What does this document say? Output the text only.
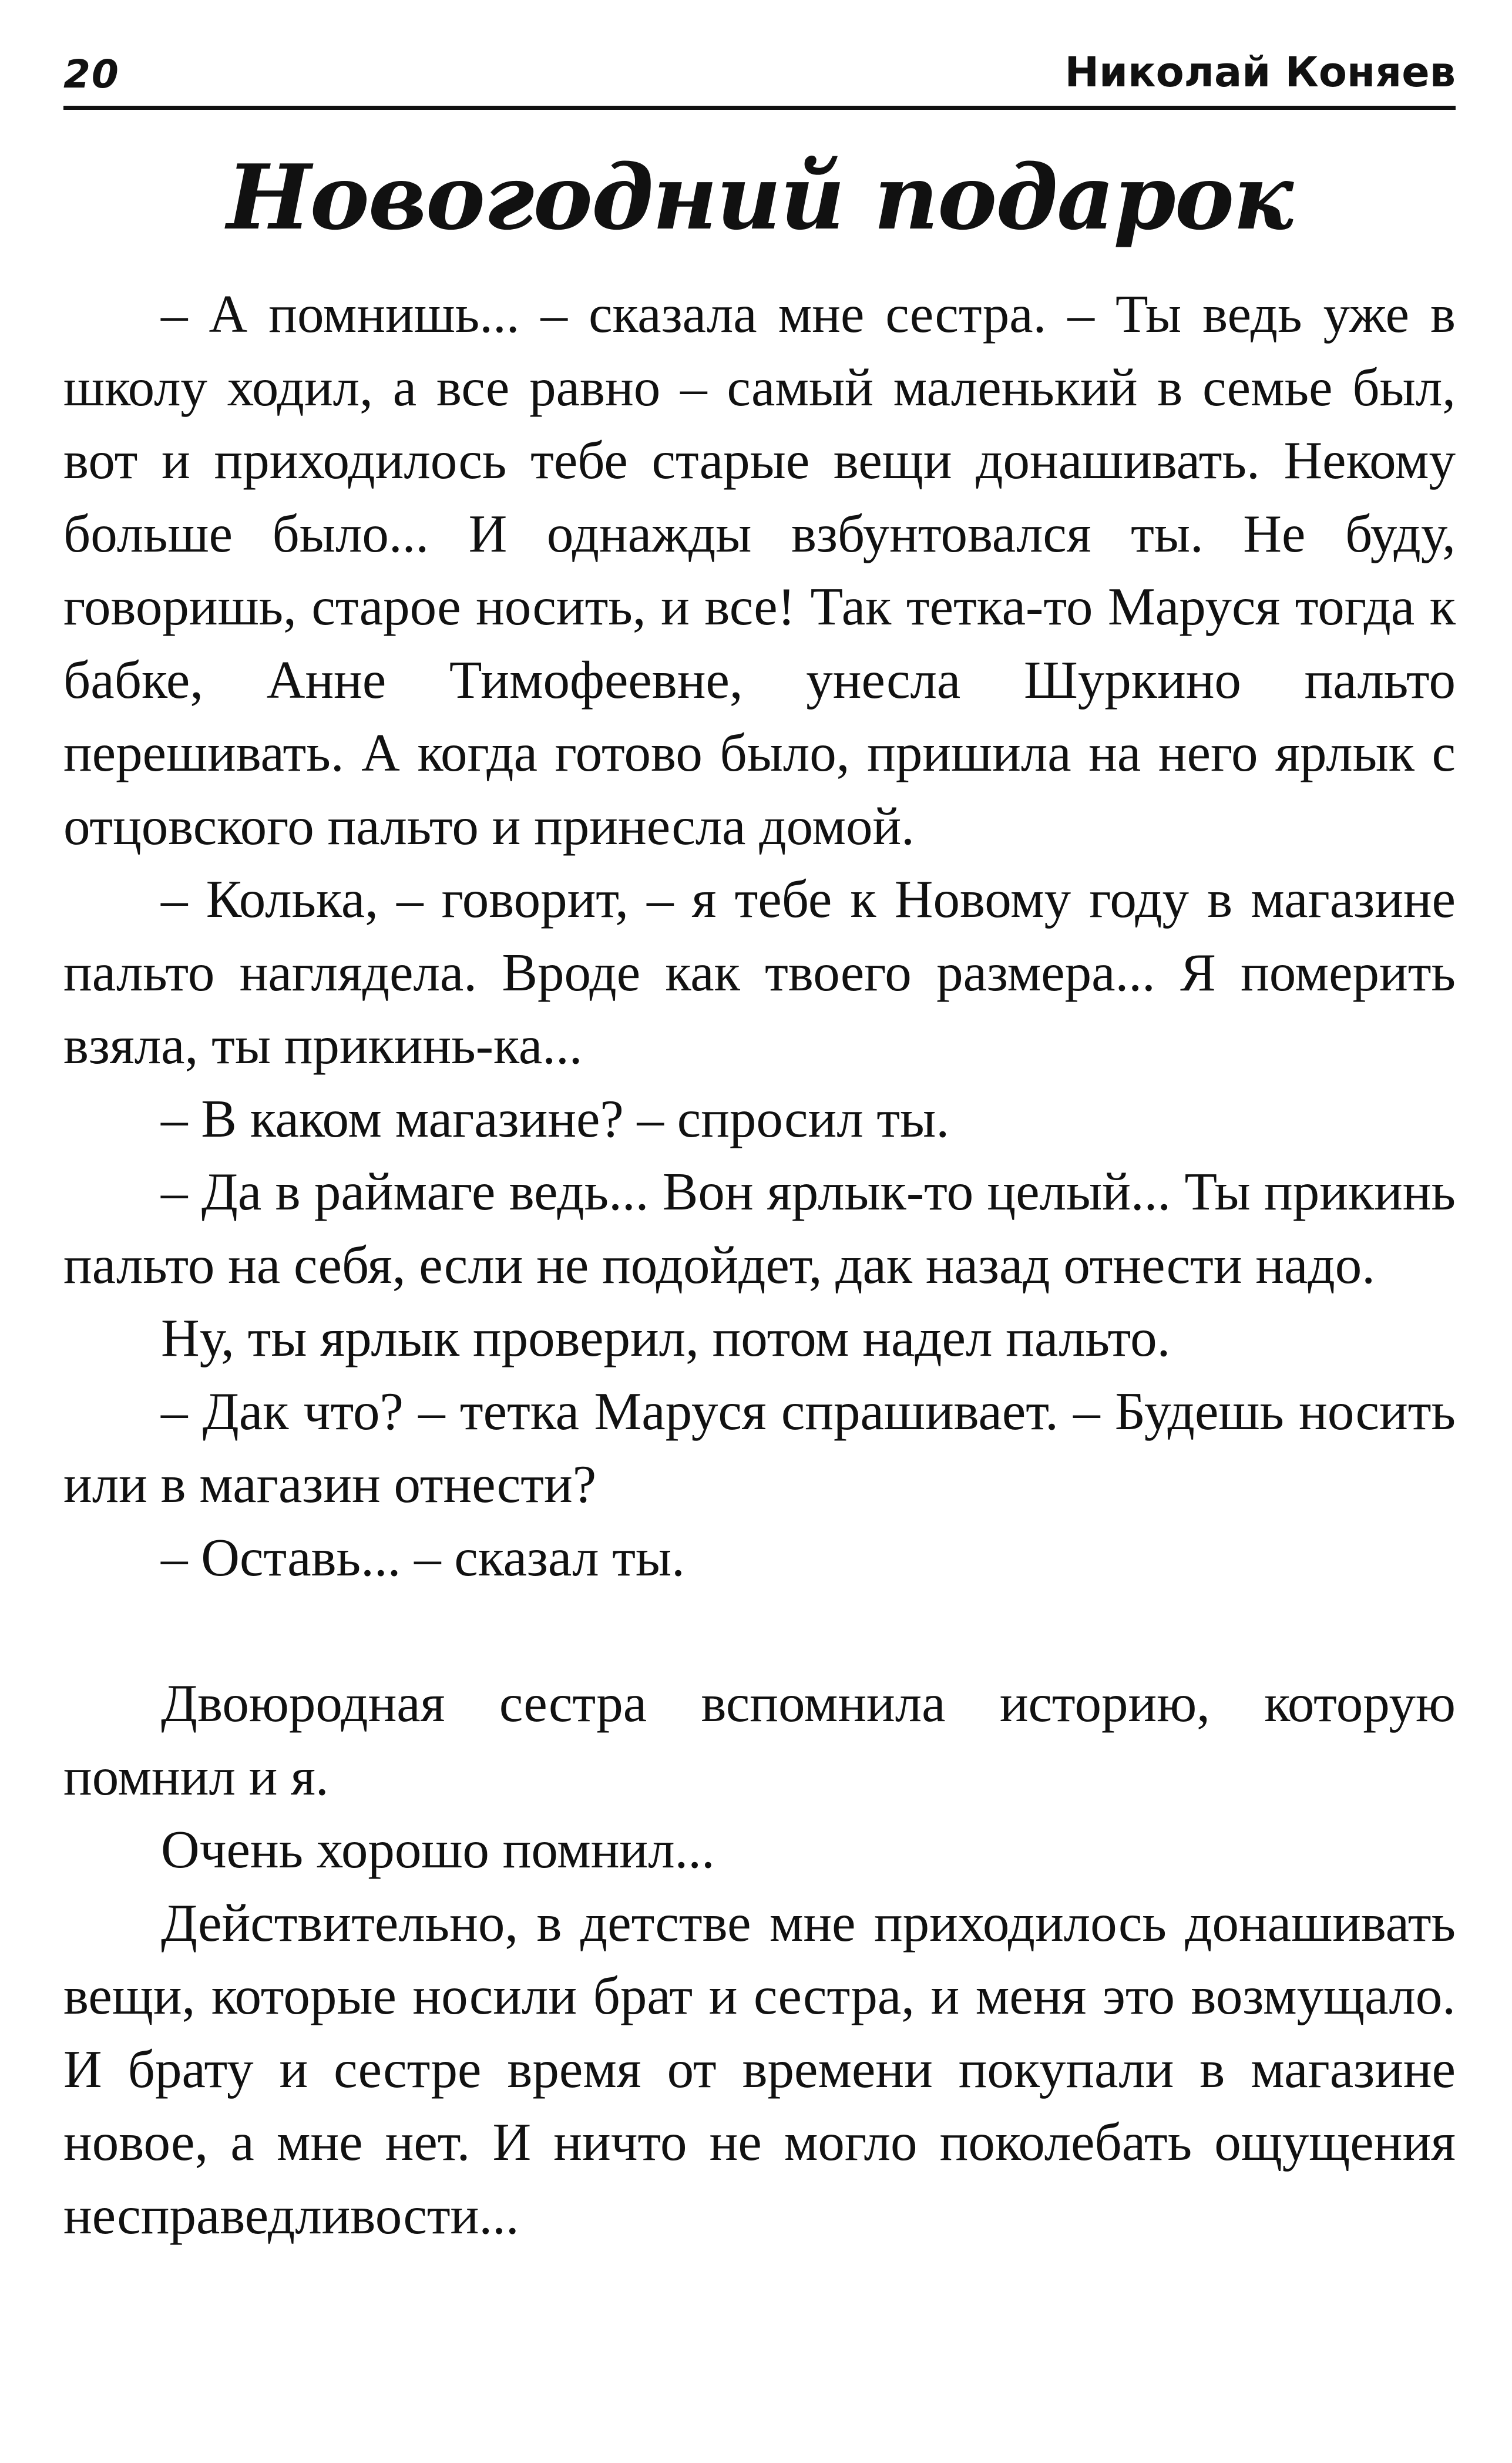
20	Николай Коняев
Новогодний подарок

– А помнишь... – сказала мне сестра. – Ты ведь уже в школу ходил, а все равно – самый маленький в семье был, вот и приходилось тебе старые вещи донашивать. Некому больше было... И однажды взбунтовался ты. Не буду, говоришь, старое носить, и все! Так тетка-то Маруся тогда к бабке, Анне Тимофеевне, унесла Шуркино пальто перешивать. А когда готово было, пришила на него ярлык с отцовского пальто и принесла домой.

– Колька, – говорит, – я тебе к Новому году в магазине пальто наглядела. Вроде как твоего размера... Я померить взяла, ты прикинь-ка...

– В каком магазине? – спросил ты.

– Да в раймаге ведь... Вон ярлык-то целый... Ты прикинь пальто на себя, если не подойдет, дак назад отнести надо.

Ну, ты ярлык проверил, потом надел пальто.

– Дак что? – тетка Маруся спрашивает. – Будешь носить или в магазин отнести?

– Оставь... – сказал ты.

Двоюродная сестра вспомнила историю, которую помнил и я.

Очень хорошо помнил...

Действительно, в детстве мне приходилось донашивать вещи, которые носили брат и сестра, и меня это возмущало. И брату и сестре время от времени покупали в магазине новое, а мне нет. И ничто не могло поколебать ощущения несправедливости...
